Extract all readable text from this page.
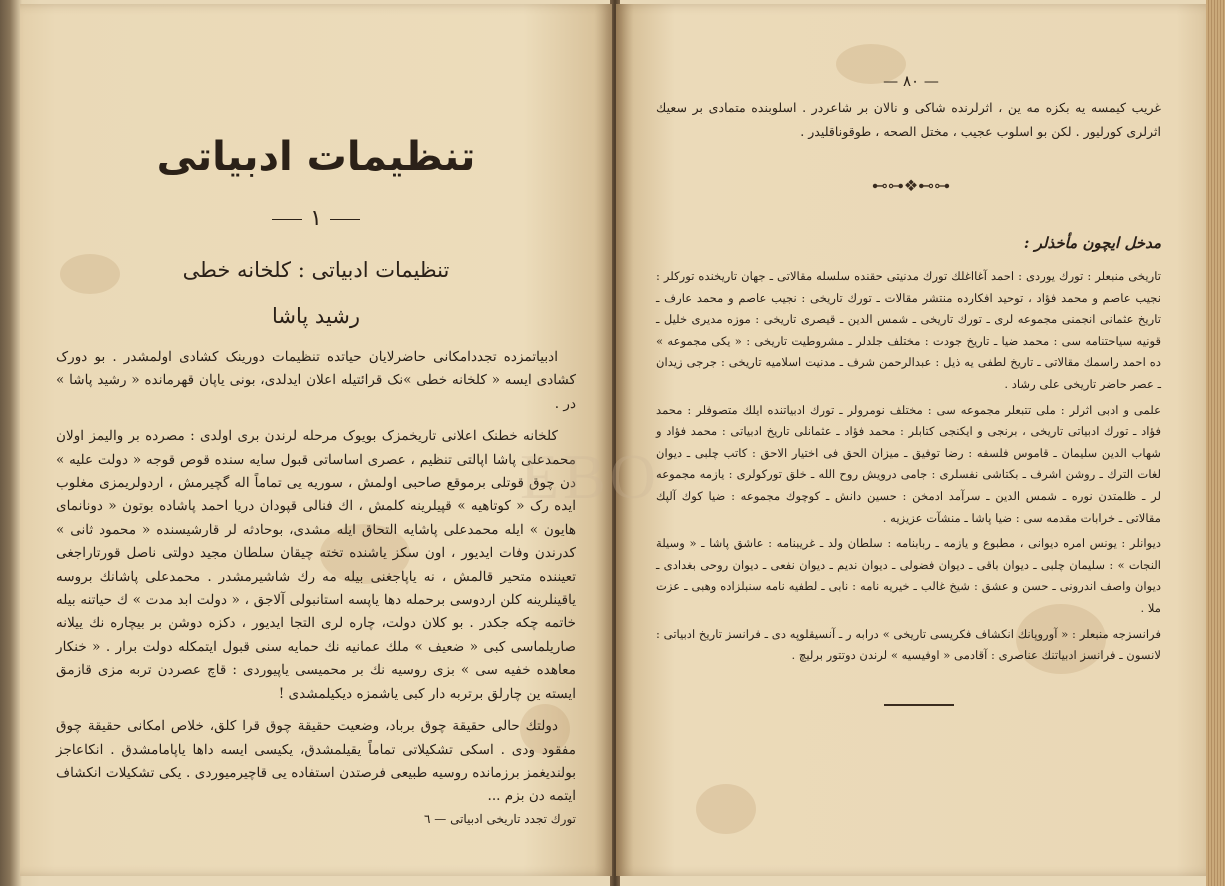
تنظیمات ادبیاتی
١
تنظیمات ادبیاتی : کلخانه خطی
رشید پاشا

ادبیاتمزده تجددامکانی حاضرلایان حیاتده تنظیمات دورینک کشادی اولمشدر . بو دورک کشادی ایسه « کلخانه خطی »نک قرائتیله اعلان ایدلدی، بونی یاپان قهرمانده « رشید پاشا » در .

کلخانه خطنک اعلانی تاریخمزک بویوک مرحله لرندن بری اولدی : مصرده بر والیمز اولان محمدعلی پاشا اپالتی تنظیم ، عصری اساساتی قبول سایه سنده قوص قوجه « دولت علیه » دن چوق قوتلی برموقع صاحبی اولمش ، سوریه یی تماماً اله گچیرمش ، اردولریمزی مغلوب ایده رک « کوتاهیه » قپیلرینه کلمش ، اك فنالی قپودان دریا احمد پاشاده بوتون « دونانمای هایون » ایله محمدعلی پاشایه التحاق ایله مشدی، بوحادثه لر قارشیسنده « محمود ثانی » کدرندن وفات ایدیور ، اون سکز یاشنده تخته چیقان سلطان مجید دولتی ناصل قورتاراجغی تعیننده متحیر قالمش ، نه یاپاجغنی بیله مه رك شاشیرمشدر . محمدعلی پاشانك بروسه یاقینلرینه کلن اردوسی برحمله دها یاپسه استانبولی آلاجق ، « دولت ابد مدت » ك حیاتنه بیله خاتمه چکه جکدر . بو کلان دولت، چاره لری التجا ایدیور ، دکزه دوشن بر بیچاره نك ییلانه صاریلماسی کبی « ضعیف » ملك عمانیه نك حمایه سنی قبول ایتمکله دولت برار . « خنکار معاهده خفیه سی » بزی روسیه نك بر محمیسی یاپیوردی : قاچ عصردن تربه مزی قازمق ایسته ین چارلق برتربه دار کبی یاشمزه دیکیلمشدی !

دولتك حالی حقیقة چوق برباد، وضعیت حقیقة چوق قرا کلق، خلاص امکانی حقیقة چوق مفقود ودی . اسکی تشکیلاتی تماماً یقیلمشدق، یکیسی ایسه داها یاپامامشدق . انکاعاجز بولندیغمز برزمانده روسیه طبیعی فرصتدن استفاده یی قاچیرمیوردی . یکی تشکیلات انکشاف ایتمه دن بزم ...

تورك تجدد تاریخی ادبیاتی — ٦
— ٨٠ —

غریب کیمسه یه بکزه مه ین ، اثرلرنده شاکی و نالان بر شاعردر . اسلوبنده متمادی بر سعیك اثرلری کورلیور . لکن بو اسلوب عجیب ، مختل الصحه ، طوقوناقلیدر .

⊷⊶❖⊷⊶
مدخل ایچون مأخذلر :

تاریخی منبعلر : تورك یوردی : احمد آغااغلك تورك مدنیتی حقنده سلسله مقالاتی ـ جهان تاریخنده تورکلر : نجیب عاصم و محمد فؤاد ، توحید افکارده منتشر مقالات ـ تورك تاریخی : نجیب عاصم و محمد عارف ـ تاریخ عثمانی انجمنی مجموعه لری ـ تورك تاریخی ـ شمس الدین ـ قیصری تاریخی : موزه مدیری خلیل ـ قونیه سیاحتنامه سی : محمد ضیا ـ تاریخ جودت : مختلف جلدلر ـ مشروطیت تاریخی : « یکی مجموعه » ده احمد راسمك مقالاتی ـ تاریخ لطفی یه ذیل : عبدالرحمن شرف ـ مدنیت اسلامیه تاریخی : جرجی زیدان ـ عصر حاضر تاریخی علی رشاد .

علمی و ادبی اثرلر : ملی تتبعلر مجموعه سی : مختلف نومرولر ـ تورك ادبیاتنده ایلك متصوفلر : محمد فؤاد ـ تورك ادبیاتی تاریخی ، برنجی و ایکنجی کتابلر : محمد فؤاد ـ عثمانلی تاریخ ادبیاتی : محمد فؤاد و شهاب الدین سلیمان ـ قاموس فلسفه : رضا توفیق ـ میزان الحق فی اختیار الاحق : کاتب چلبی ـ دیوان لغات الترك ـ روشن اشرف ـ بکتاشی نفسلری : جامی درویش روح الله ـ خلق تورکولری : یازمه مجموعه لر ـ ظلمتدن نوره ـ شمس الدین ـ سرآمد ادمخن : حسین دانش ـ کوچوك مجموعه : ضیا کوك آلپك مقالاتی ـ خرابات مقدمه سی : ضیا پاشا ـ منشآت عزیزیه .

دیوانلر : یونس امره دیوانی ، مطبوع و یازمه ـ ربابنامه : سلطان ولد ـ غریبنامه : عاشق پاشا ـ « وسیلة النجات » : سلیمان چلبی ـ دیوان باقی ـ دیوان فضولی ـ دیوان ندیم ـ دیوان نفعی ـ دیوان روحی بغدادی ـ دیوان واصف اندرونی ـ حسن و عشق : شیخ غالب ـ خیریه نامه : نابی ـ لطفیه نامه سنبلزاده وهبی ـ عزت ملا .

فرانسزجه منبعلر : « آوروپانك انکشاف فکریسی تاریخی » درابه ر ـ آنسیقلوپه دی ـ فرانسز تاریخ ادبیاتی : لانسون ـ فرانسز ادبیاتنك عناصری : آقادمی « اوفیسیه » لرندن دوتتور برلیچ .

EBO
